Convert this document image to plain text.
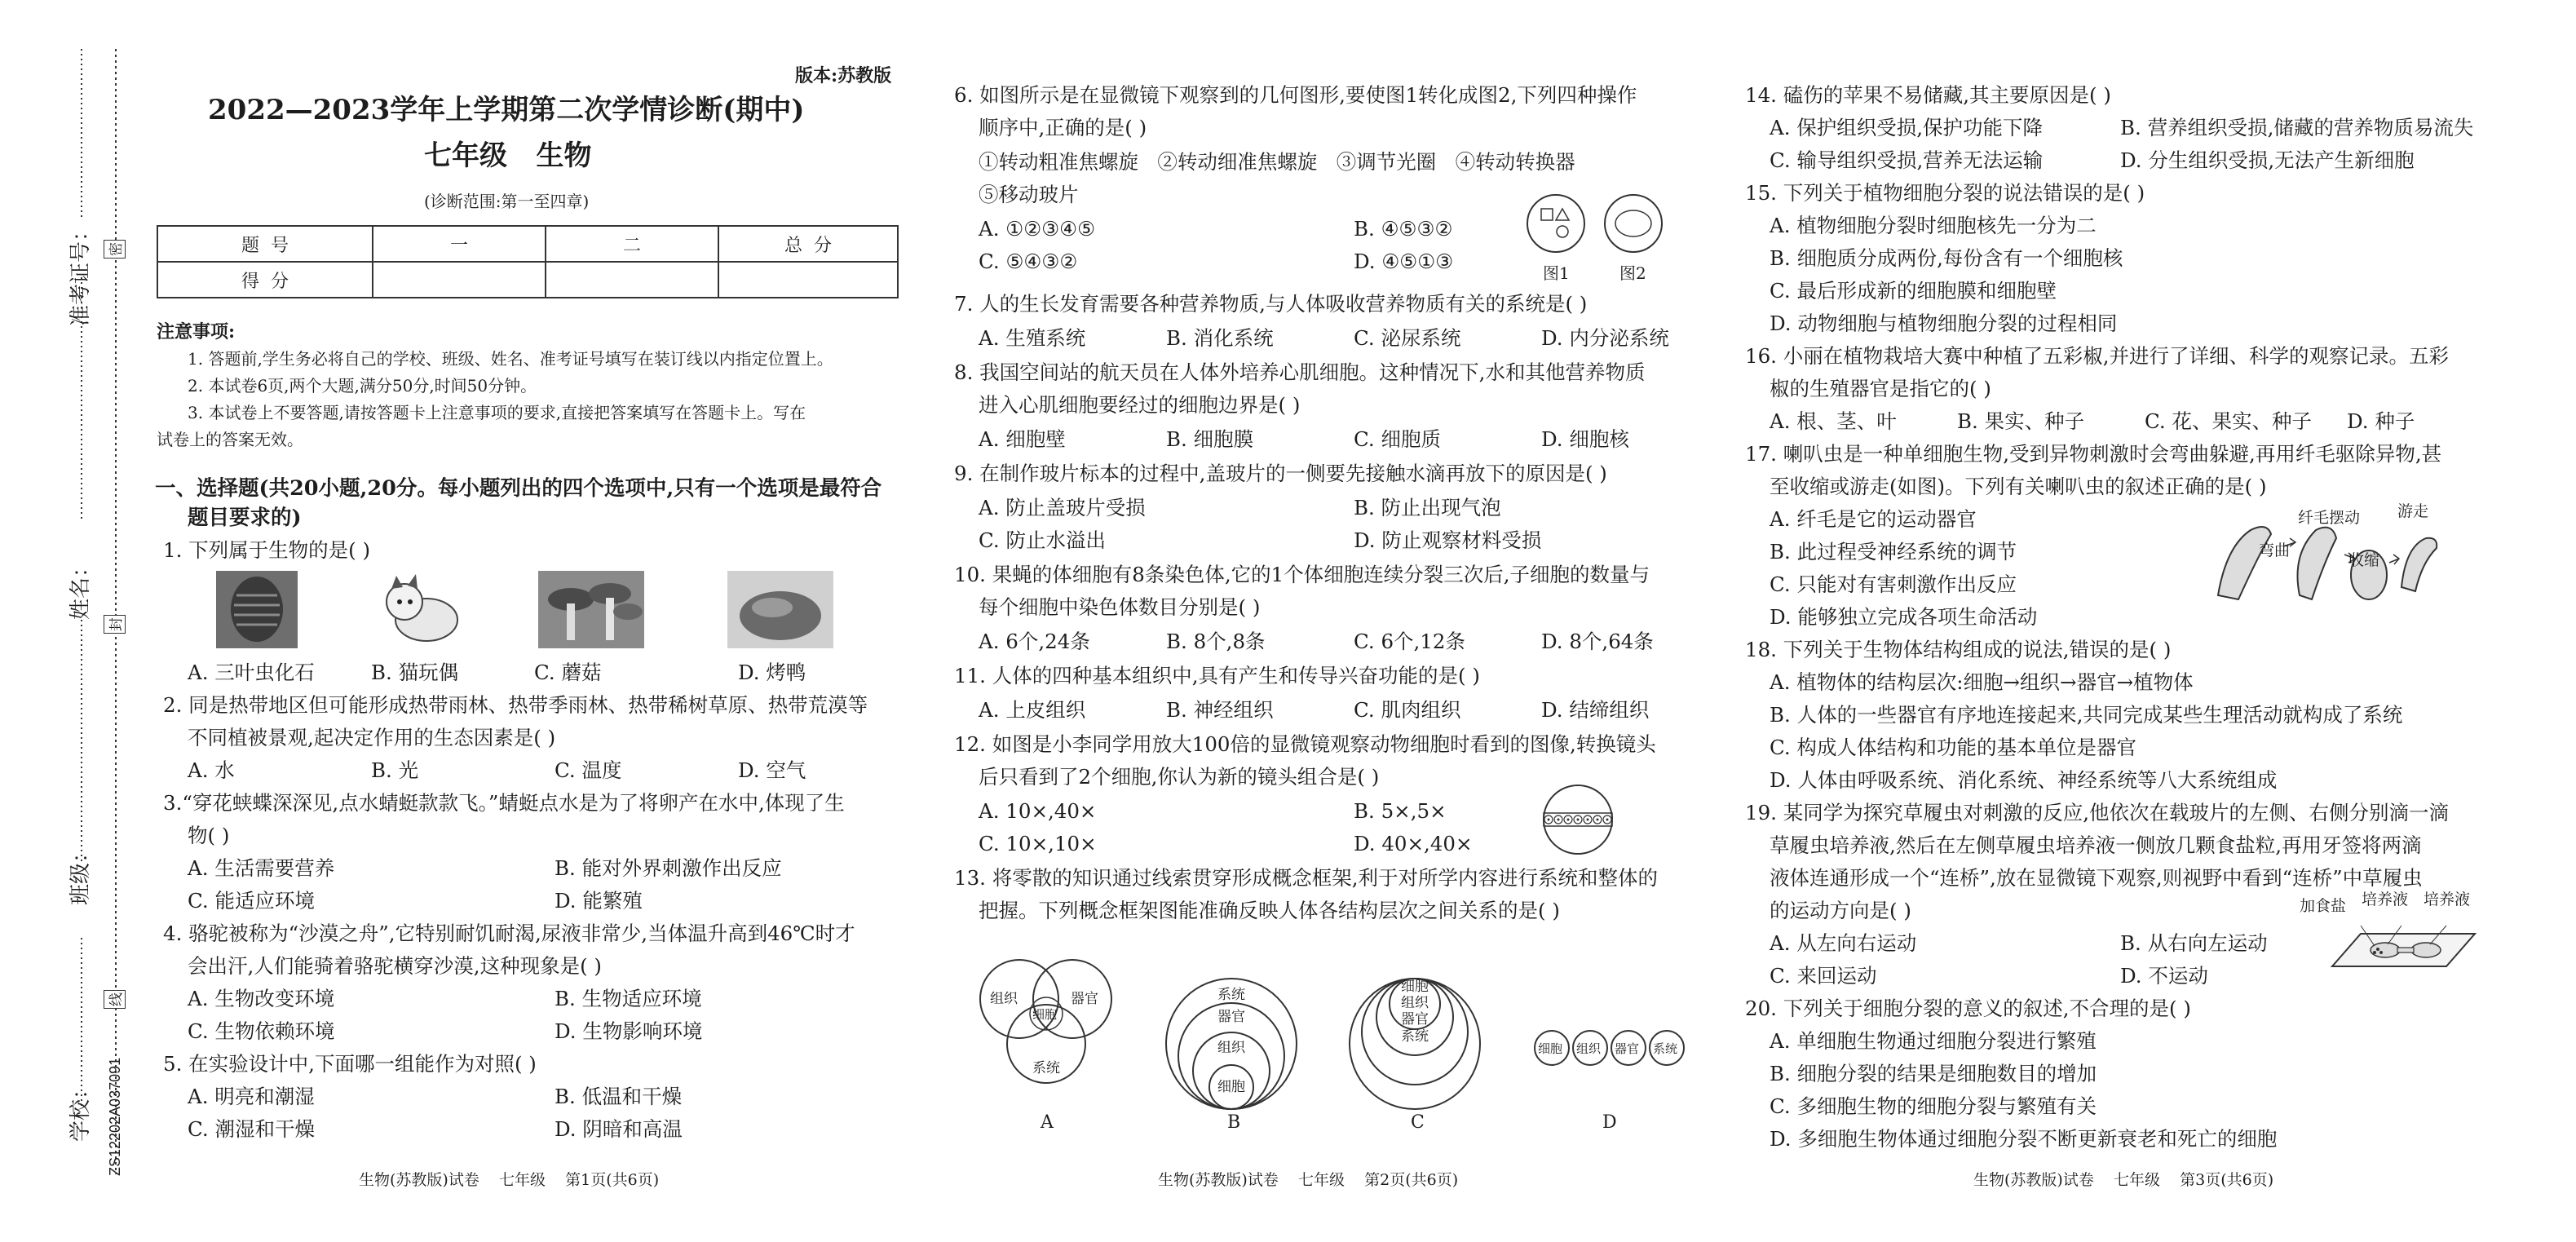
准考证号：
姓名：
班级：
学校：
密
封
线
ZS12202A037091
版本:苏教版
2022—2023学年上学期第二次学情诊断(期中)
七年级   生物
(诊断范围:第一至四章)
题  号	一	二	总  分
得  分			
注意事项:
1. 答题前,学生务必将自己的学校、班级、姓名、准考证号填写在装订线以内指定位置上。
2. 本试卷6页,两个大题,满分50分,时间50分钟。
3. 本试卷上不要答题,请按答题卡上注意事项的要求,直接把答案填写在答题卡上。写在
试卷上的答案无效。
一、选择题(共20小题,20分。每小题列出的四个选项中,只有一个选项是最符合
题目要求的)
1. 下列属于生物的是( )
A. 三叶虫化石	B. 猫玩偶	C. 蘑菇	D. 烤鸭
2. 同是热带地区但可能形成热带雨林、热带季雨林、热带稀树草原、热带荒漠等
不同植被景观,起决定作用的生态因素是( )
A. 水	B. 光	C. 温度	D. 空气
3.“穿花蛱蝶深深见,点水蜻蜓款款飞。”蜻蜓点水是为了将卵产在水中,体现了生
物( )
A. 生活需要营养	B. 能对外界刺激作出反应
C. 能适应环境	D. 能繁殖
4. 骆驼被称为“沙漠之舟”,它特别耐饥耐渴,尿液非常少,当体温升高到46℃时才
会出汗,人们能骑着骆驼横穿沙漠,这种现象是( )
A. 生物改变环境	B. 生物适应环境
C. 生物依赖环境	D. 生物影响环境
5. 在实验设计中,下面哪一组能作为对照( )
A. 明亮和潮湿	B. 低温和干燥
C. 潮湿和干燥	D. 阴暗和高温
生物(苏教版)试卷    七年级    第1页(共6页)
6. 如图所示是在显微镜下观察到的几何图形,要使图1转化成图2,下列四种操作
顺序中,正确的是( )
①转动粗准焦螺旋   ②转动细准焦螺旋   ③调节光圈   ④转动转换器
⑤移动玻片
A. ①②③④⑤	B. ④⑤③②
C. ⑤④③②	D. ④⑤①③	图1	图2
7. 人的生长发育需要各种营养物质,与人体吸收营养物质有关的系统是( )
A. 生殖系统	B. 消化系统	C. 泌尿系统	D. 内分泌系统
8. 我国空间站的航天员在人体外培养心肌细胞。这种情况下,水和其他营养物质
进入心肌细胞要经过的细胞边界是( )
A. 细胞壁	B. 细胞膜	C. 细胞质	D. 细胞核
9. 在制作玻片标本的过程中,盖玻片的一侧要先接触水滴再放下的原因是( )
A. 防止盖玻片受损	B. 防止出现气泡
C. 防止水溢出	D. 防止观察材料受损
10. 果蝇的体细胞有8条染色体,它的1个体细胞连续分裂三次后,子细胞的数量与
每个细胞中染色体数目分别是( )
A. 6个,24条	B. 8个,8条	C. 6个,12条	D. 8个,64条
11. 人体的四种基本组织中,具有产生和传导兴奋功能的是( )
A. 上皮组织	B. 神经组织	C. 肌肉组织	D. 结缔组织
12. 如图是小李同学用放大100倍的显微镜观察动物细胞时看到的图像,转换镜头
后只看到了2个细胞,你认为新的镜头组合是( )
A. 10×,40×	B. 5×,5×
C. 10×,10×	D. 40×,40×
13. 将零散的知识通过线索贯穿形成概念框架,利于对所学内容进行系统和整体的
把握。下列概念框架图能准确反映人体各结构层次之间关系的是( )
组织	器官
细胞
系统
A
系统
器官
组织
细胞
B
细胞
组织
器官
系统
C
细胞 组织 器官 系统
D
生物(苏教版)试卷    七年级    第2页(共6页)
14. 磕伤的苹果不易储藏,其主要原因是( )
A. 保护组织受损,保护功能下降	B. 营养组织受损,储藏的营养物质易流失
C. 输导组织受损,营养无法运输	D. 分生组织受损,无法产生新细胞
15. 下列关于植物细胞分裂的说法错误的是( )
A. 植物细胞分裂时细胞核先一分为二
B. 细胞质分成两份,每份含有一个细胞核
C. 最后形成新的细胞膜和细胞壁
D. 动物细胞与植物细胞分裂的过程相同
16. 小丽在植物栽培大赛中种植了五彩椒,并进行了详细、科学的观察记录。五彩
椒的生殖器官是指它的( )
A. 根、茎、叶	B. 果实、种子	C. 花、果实、种子 D. 种子
17. 喇叭虫是一种单细胞生物,受到异物刺激时会弯曲躲避,再用纤毛驱除异物,甚
至收缩或游走(如图)。下列有关喇叭虫的叙述正确的是( )
A. 纤毛是它的运动器官
B. 此过程受神经系统的调节
C. 只能对有害刺激作出反应
D. 能够独立完成各项生命活动
纤毛摆动 游走
弯曲
收缩
18. 下列关于生物体结构组成的说法,错误的是( )
A. 植物体的结构层次:细胞→组织→器官→植物体
B. 人体的一些器官有序地连接起来,共同完成某些生理活动就构成了系统
C. 构成人体结构和功能的基本单位是器官
D. 人体由呼吸系统、消化系统、神经系统等八大系统组成
19. 某同学为探究草履虫对刺激的反应,他依次在载玻片的左侧、右侧分别滴一滴
草履虫培养液,然后在左侧草履虫培养液一侧放几颗食盐粒,再用牙签将两滴
液体连通形成一个“连桥”,放在显微镜下观察,则视野中看到“连桥”中草履虫
的运动方向是( )
A. 从左向右运动	B. 从右向左运动
C. 来回运动	D. 不运动
加食盐 培养液 培养液
20. 下列关于细胞分裂的意义的叙述,不合理的是( )
A. 单细胞生物通过细胞分裂进行繁殖
B. 细胞分裂的结果是细胞数目的增加
C. 多细胞生物的细胞分裂与繁殖有关
D. 多细胞生物体通过细胞分裂不断更新衰老和死亡的细胞
生物(苏教版)试卷    七年级    第3页(共6页)
